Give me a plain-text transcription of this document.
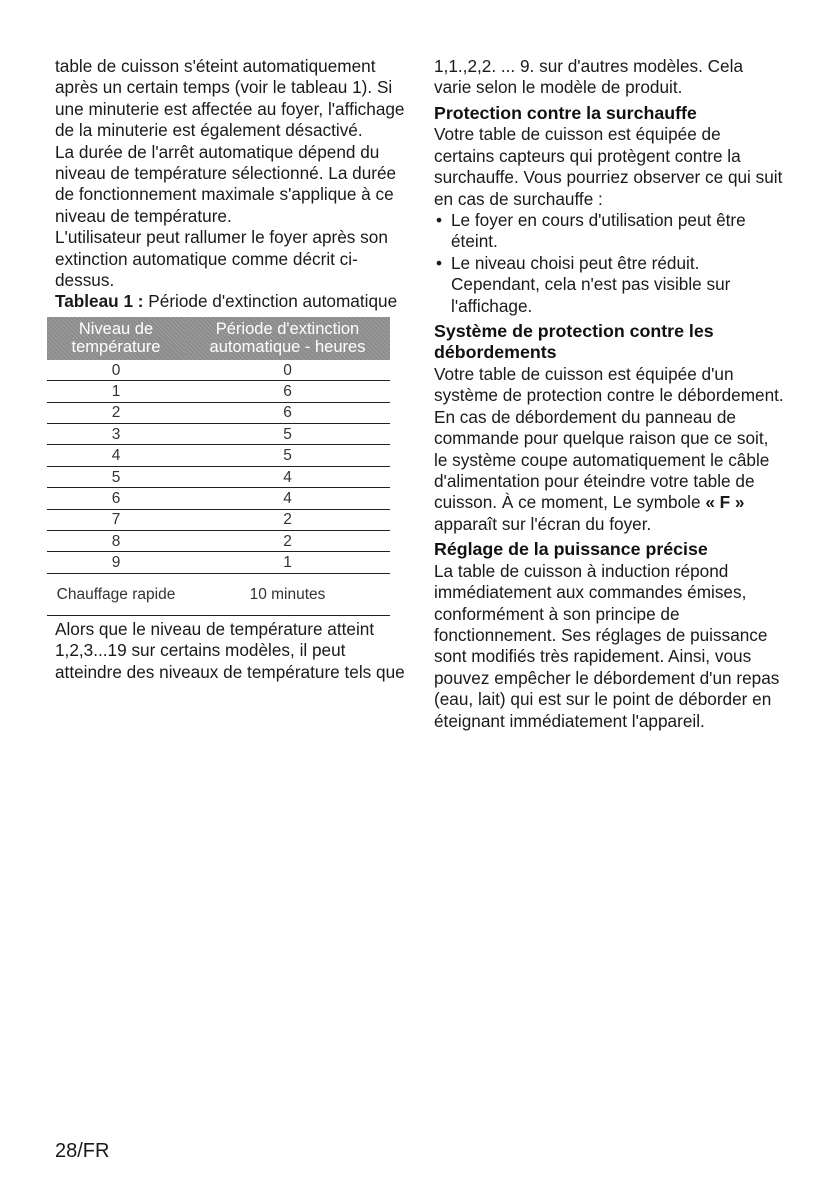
table de cuisson s'éteint automatiquement après un certain temps (voir le tableau 1). Si une minuterie est affectée au foyer, l'affichage de la minuterie est également désactivé.

La durée de l'arrêt automatique dépend du niveau de température sélectionné. La durée de fonctionnement maximale s'applique à ce niveau de température.

L'utilisateur peut rallumer le foyer après son extinction automatique comme décrit ci-dessus.

Tableau 1 : Période d'extinction automatique

Niveau de température	Période d'extinction automatique - heures
0	0
1	6
2	6
3	5
4	5
5	4
6	4
7	2
8	2
9	1
Chauffage rapide	10 minutes

Alors que le niveau de température atteint 1,2,3...19 sur certains modèles, il peut atteindre des niveaux de température tels que

1,1.,2,2. ... 9. sur d'autres modèles. Cela varie selon le modèle de produit.

Protection contre la surchauffe

Votre table de cuisson est équipée de certains capteurs qui protègent contre la surchauffe. Vous pourriez observer ce qui suit en cas de surchauffe :

• Le foyer en cours d'utilisation peut être éteint.
• Le niveau choisi peut être réduit. Cependant, cela n'est pas visible sur l'affichage.
Système de protection contre les débordements

Votre table de cuisson est équipée d'un système de protection contre le débordement. En cas de débordement du panneau de commande pour quelque raison que ce soit, le système coupe automatiquement le câble d'alimentation pour éteindre votre table de cuisson. À ce moment, Le symbole « F » apparaît sur l'écran du foyer.

Réglage de la puissance précise

La table de cuisson à induction répond immédiatement aux commandes émises, conformément à son principe de fonctionnement. Ses réglages de puissance sont modifiés très rapidement. Ainsi, vous pouvez empêcher le débordement d'un repas (eau, lait) qui est sur le point de déborder en éteignant immédiatement l'appareil.

28/FR
